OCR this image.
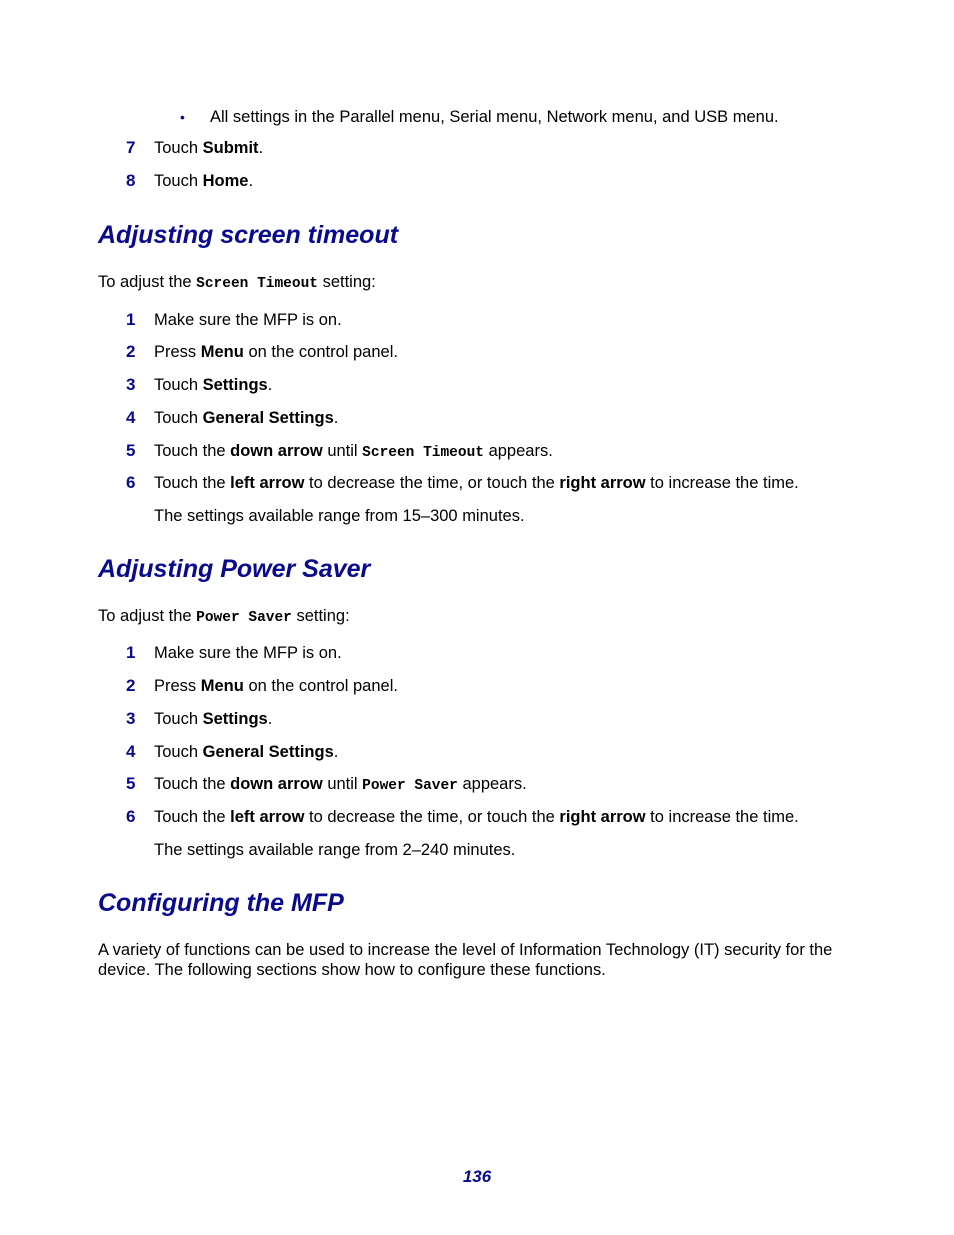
• All settings in the Parallel menu, Serial menu, Network menu, and USB menu.
7 Touch Submit.
8 Touch Home.
Adjusting screen timeout
To adjust the Screen Timeout setting:
1 Make sure the MFP is on.
2 Press Menu on the control panel.
3 Touch Settings.
4 Touch General Settings.
5 Touch the down arrow until Screen Timeout appears.
6 Touch the left arrow to decrease the time, or touch the right arrow to increase the time.
The settings available range from 15–300 minutes.
Adjusting Power Saver
To adjust the Power Saver setting:
1 Make sure the MFP is on.
2 Press Menu on the control panel.
3 Touch Settings.
4 Touch General Settings.
5 Touch the down arrow until Power Saver appears.
6 Touch the left arrow to decrease the time, or touch the right arrow to increase the time.
The settings available range from 2–240 minutes.
Configuring the MFP
A variety of functions can be used to increase the level of Information Technology (IT) security for the device. The following sections show how to configure these functions.
136
